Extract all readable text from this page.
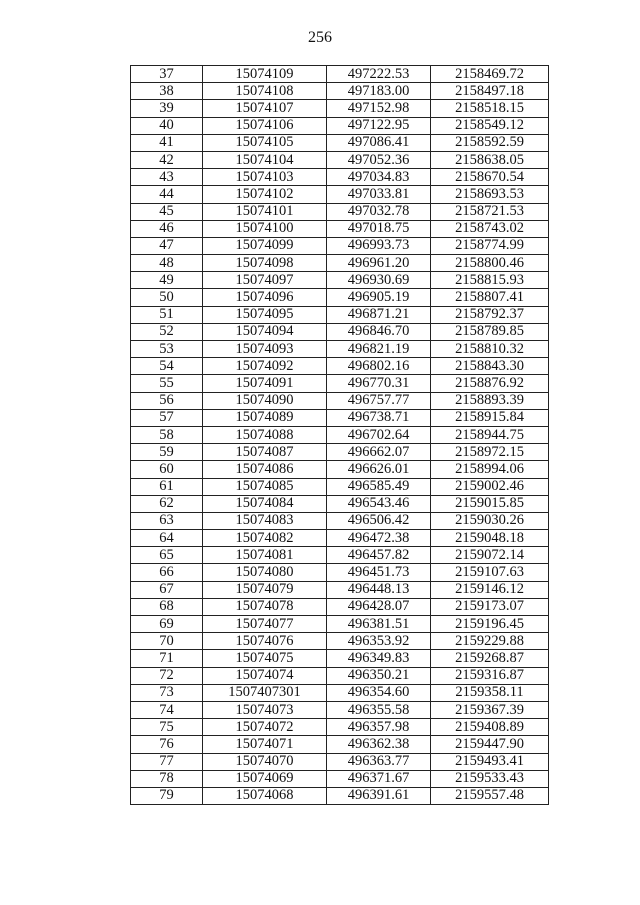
256
37	15074109	497222.53	2158469.72
38	15074108	497183.00	2158497.18
39	15074107	497152.98	2158518.15
40	15074106	497122.95	2158549.12
41	15074105	497086.41	2158592.59
42	15074104	497052.36	2158638.05
43	15074103	497034.83	2158670.54
44	15074102	497033.81	2158693.53
45	15074101	497032.78	2158721.53
46	15074100	497018.75	2158743.02
47	15074099	496993.73	2158774.99
48	15074098	496961.20	2158800.46
49	15074097	496930.69	2158815.93
50	15074096	496905.19	2158807.41
51	15074095	496871.21	2158792.37
52	15074094	496846.70	2158789.85
53	15074093	496821.19	2158810.32
54	15074092	496802.16	2158843.30
55	15074091	496770.31	2158876.92
56	15074090	496757.77	2158893.39
57	15074089	496738.71	2158915.84
58	15074088	496702.64	2158944.75
59	15074087	496662.07	2158972.15
60	15074086	496626.01	2158994.06
61	15074085	496585.49	2159002.46
62	15074084	496543.46	2159015.85
63	15074083	496506.42	2159030.26
64	15074082	496472.38	2159048.18
65	15074081	496457.82	2159072.14
66	15074080	496451.73	2159107.63
67	15074079	496448.13	2159146.12
68	15074078	496428.07	2159173.07
69	15074077	496381.51	2159196.45
70	15074076	496353.92	2159229.88
71	15074075	496349.83	2159268.87
72	15074074	496350.21	2159316.87
73	1507407301	496354.60	2159358.11
74	15074073	496355.58	2159367.39
75	15074072	496357.98	2159408.89
76	15074071	496362.38	2159447.90
77	15074070	496363.77	2159493.41
78	15074069	496371.67	2159533.43
79	15074068	496391.61	2159557.48
